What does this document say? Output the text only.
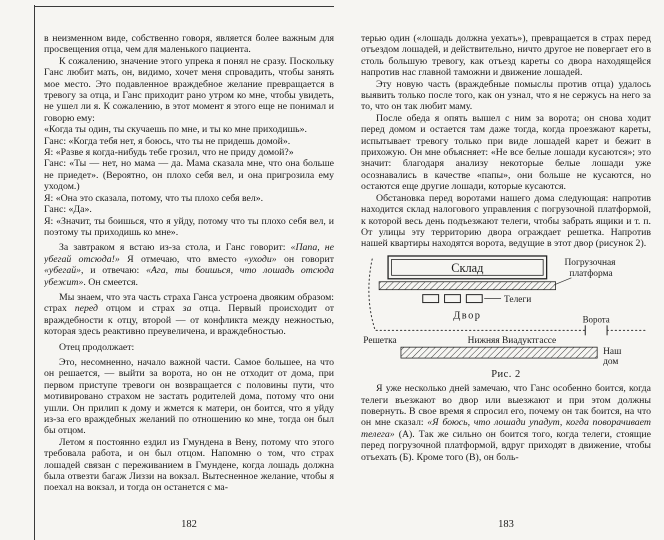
в неизменном виде, собственно говоря, является более важным для просвещения отца, чем для маленького пациента.

К сожалению, значение этого упрека я понял не сразу. Поскольку Ганс любит мать, он, видимо, хочет меня спровадить, чтобы занять мое место. Это подавленное враждебное желание превращается в тревогу за отца, и Ганс приходит рано утром ко мне, чтобы увидеть, не ушел ли я. К сожалению, в этот момент я этого еще не понимал и говорю ему:

«Когда ты один, ты скучаешь по мне, и ты ко мне приходишь».

Ганс: «Когда тебя нет, я боюсь, что ты не придешь домой».

Я: «Разве я когда-нибудь тебе грозил, что не приду домой?»

Ганс: «Ты — нет, но мама — да. Мама сказала мне, что она больше не приедет». (Вероятно, он плохо себя вел, и она пригрозила ему уходом.)

Я: «Она это сказала, потому, что ты плохо себя вел».

Ганс: «Да».

Я: «Значит, ты боишься, что я уйду, потому что ты плохо себя вел, и поэтому ты приходишь ко мне».

За завтраком я встаю из-за стола, и Ганс говорит: «Папа, не убегай отсюда!» Я отмечаю, что вместо «уходи» он говорит «убегай», и отвечаю: «Ага, ты боишься, что лошадь отсюда убежит». Он смеется.

Мы знаем, что эта часть страха Ганса устроена двояким образом: страх перед отцом и страх за отца. Первый происходит от враждебности к отцу, второй — от конфликта между нежностью, которая здесь реактивно преувеличена, и враждебностью.

Отец продолжает:

Это, несомненно, начало важной части. Самое большее, на что он решается, — выйти за ворота, но он не отходит от дома, при первом приступе тревоги он возвращается с половины пути, что мотивировано страхом не застать родителей дома, потому что они ушли. Он прилип к дому и жмется к матери, он боится, что я уйду из-за его враждебных желаний по отношению ко мне, тогда он был бы отцом.

Летом я постоянно ездил из Гмундена в Вену, потому что этого требовала работа, и он был отцом. Напомню о том, что страх лошадей связан с переживанием в Гмундене, когда лошадь должна была отвезти багаж Лиззи на вокзал. Вытесненное желание, чтобы я поехал на вокзал, и тогда он останется с ма-

терью один («лошадь должна уехать»), превращается в страх перед отъездом лошадей, и действительно, ничто другое не повергает его в столь большую тревогу, как отъезд кареты со двора находящейся напротив нас главной таможни и движение лошадей.

Эту новую часть (враждебные помыслы против отца) удалось выявить только после того, как он узнал, что я не сержусь на него за то, что он так любит маму.

После обеда я опять вышел с ним за ворота; он снова ходит перед домом и остается там даже тогда, когда проезжают кареты, испытывает тревогу только при виде лошадей карет и бежит в прихожую. Он мне объясняет: «Не все белые лошади кусаются»; это значит: благодаря анализу некоторые белые лошади уже осознавались в качестве «папы», они больше не кусаются, но остаются еще другие лошади, которые кусаются.

Обстановка перед воротами нашего дома следующая: напротив находится склад налогового управления с погрузочной платформой, к которой весь день подъезжают телеги, чтобы забрать ящики и т. п. От улицы эту территорию двора ограждает решетка. Напротив нашей квартиры находятся ворота, ведущие в этот двор (рисунок 2).

Склад	Погрузочная
платформа
Телеги
Двор	Ворота
Решетка	Нижняя Виадуктгассе
Наш
дом
Рис. 2

Я уже несколько дней замечаю, что Ганс особенно боится, когда телеги въезжают во двор или выезжают и при этом должны повернуть. В свое время я спросил его, почему он так боится, на что он мне сказал: «Я боюсь, что лошади упадут, когда поворачивает телега» (А). Так же сильно он боится того, когда телеги, стоящие перед погрузочной платформой, вдруг приходят в движение, чтобы отъехать (Б). Кроме того (В), он боль-

182	183
